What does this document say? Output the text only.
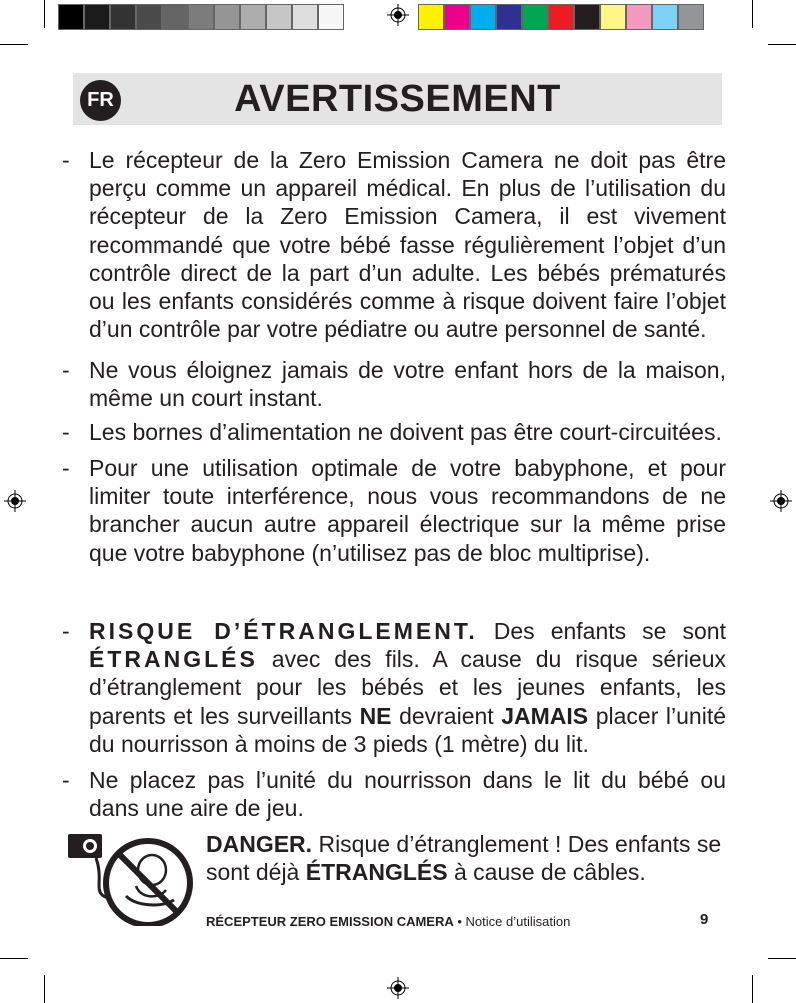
FR	AVERTISSEMENT
- Le récepteur de la Zero Emission Camera ne doit pas être perçu comme un appareil médical. En plus de l’utilisation du récepteur de la Zero Emission Camera, il est vivement recommandé que votre bébé fasse régulièrement l’objet d’un contrôle direct de la part d’un adulte. Les bébés prématurés ou les enfants considérés comme à risque doivent faire l’objet d’un contrôle par votre pédiatre ou autre personnel de santé.
- Ne vous éloignez jamais de votre enfant hors de la maison, même un court instant.
- Les bornes d’alimentation ne doivent pas être court-circuitées.
- Pour une utilisation optimale de votre babyphone, et pour limiter toute interférence, nous vous recommandons de ne brancher aucun autre appareil électrique sur la même prise que votre babyphone (n’utilisez pas de bloc multiprise).
- RISQUE D’ÉTRANGLEMENT. Des enfants se sont ÉTRANGLÉS avec des fils. A cause du risque sérieux d’étranglement pour les bébés et les jeunes enfants, les parents et les surveillants NE devraient JAMAIS placer l’unité du nourrisson à moins de 3 pieds (1 mètre) du lit.
- Ne placez pas l’unité du nourrisson dans le lit du bébé ou dans une aire de jeu.
DANGER. Risque d’étranglement ! Des enfants se sont déjà ÉTRANGLÉS à cause de câbles.
RÉCEPTEUR ZERO EMISSION CAMERA • Notice d’utilisation	9
